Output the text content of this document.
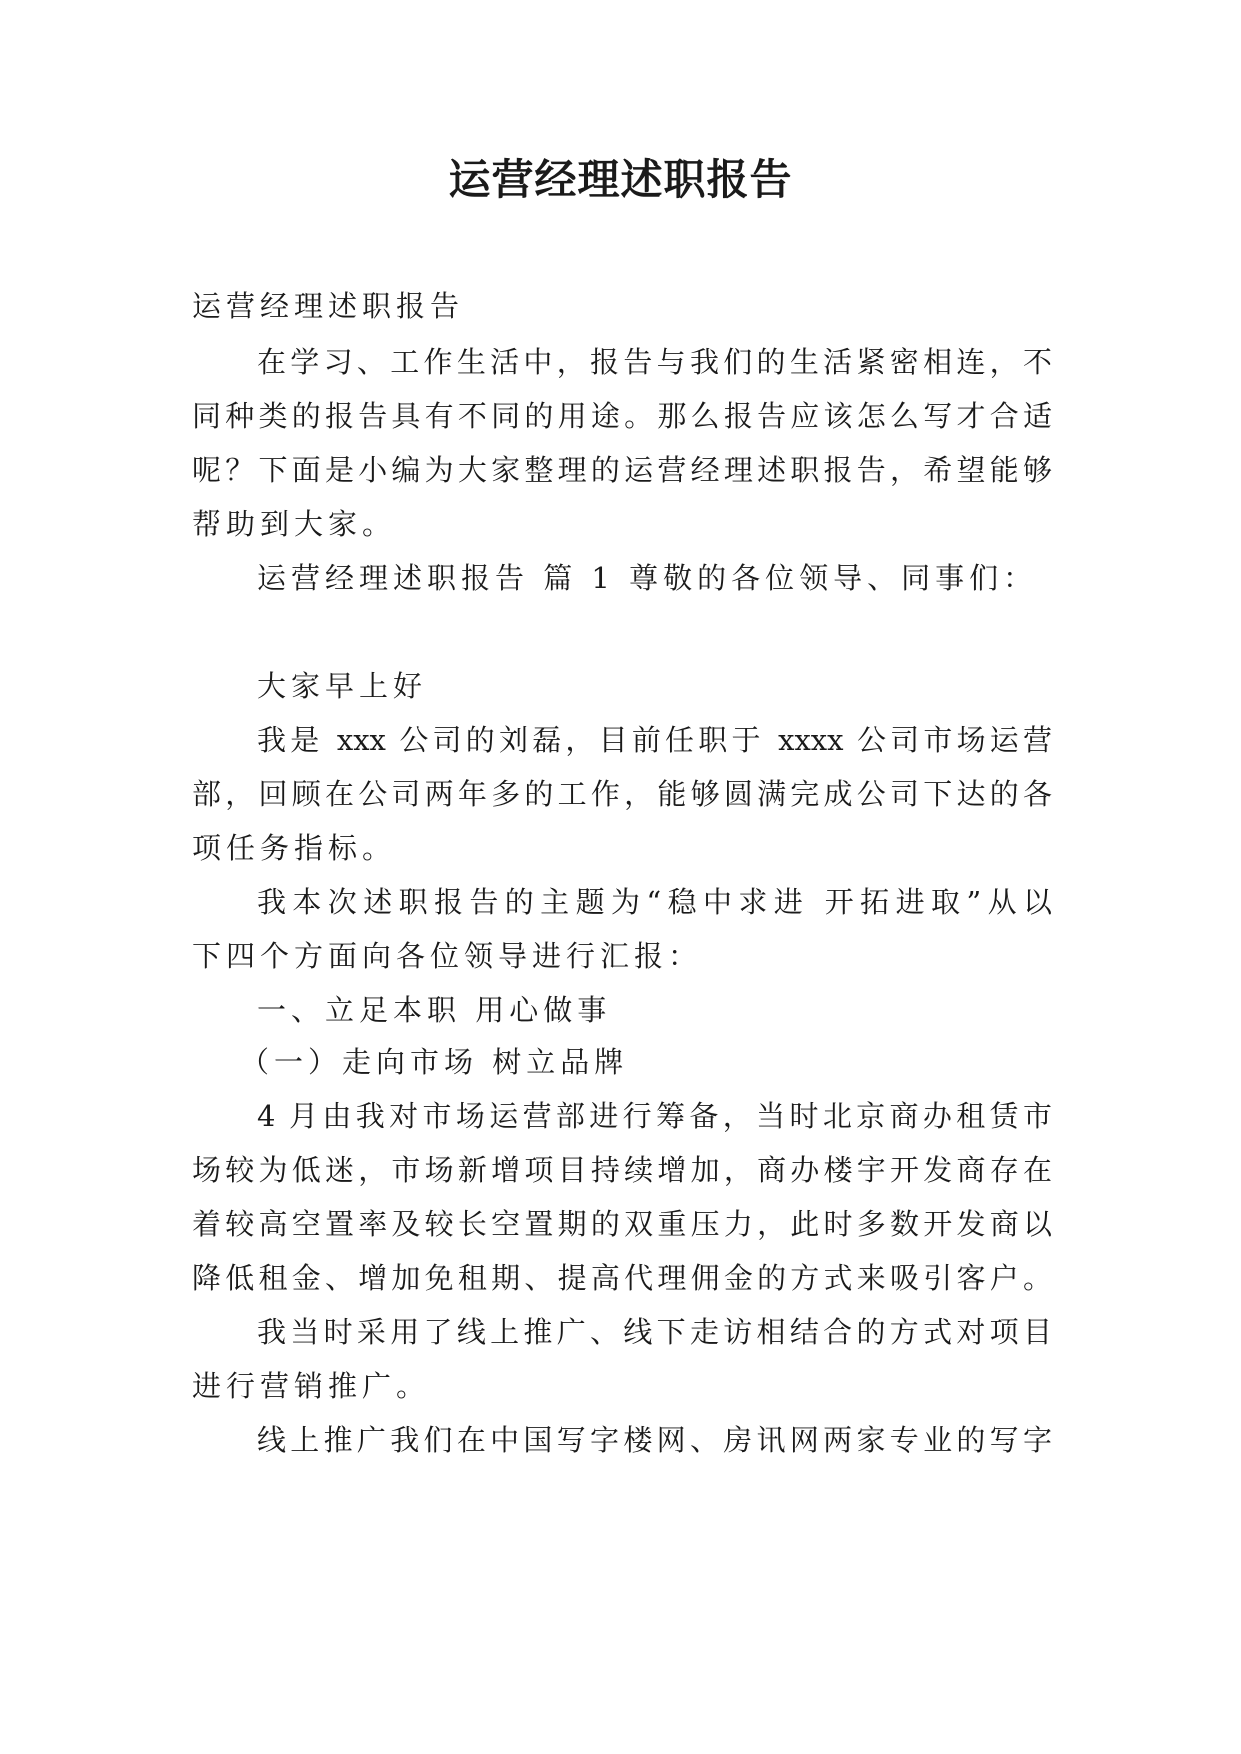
运营经理述职报告
运营经理述职报告
在学习、工作生活中，报告与我们的生活紧密相连，不
同种类的报告具有不同的用途。那么报告应该怎么写才合适
呢？下面是小编为大家整理的运营经理述职报告，希望能够
帮助到大家。
运营经理述职报告 篇 1 尊敬的各位领导、同事们：
大家早上好
我是 xxx 公司的刘磊，目前任职于 xxxx 公司市场运营
部，回顾在公司两年多的工作，能够圆满完成公司下达的各
项任务指标。
我本次述职报告的主题为“稳中求进 开拓进取”从以
下四个方面向各位领导进行汇报：
一、立足本职 用心做事
（一）走向市场 树立品牌
4 月由我对市场运营部进行筹备，当时北京商办租赁市
场较为低迷，市场新增项目持续增加，商办楼宇开发商存在
着较高空置率及较长空置期的双重压力，此时多数开发商以
降低租金、增加免租期、提高代理佣金的方式来吸引客户。
我当时采用了线上推广、线下走访相结合的方式对项目
进行营销推广。
线上推广我们在中国写字楼网、房讯网两家专业的写字
